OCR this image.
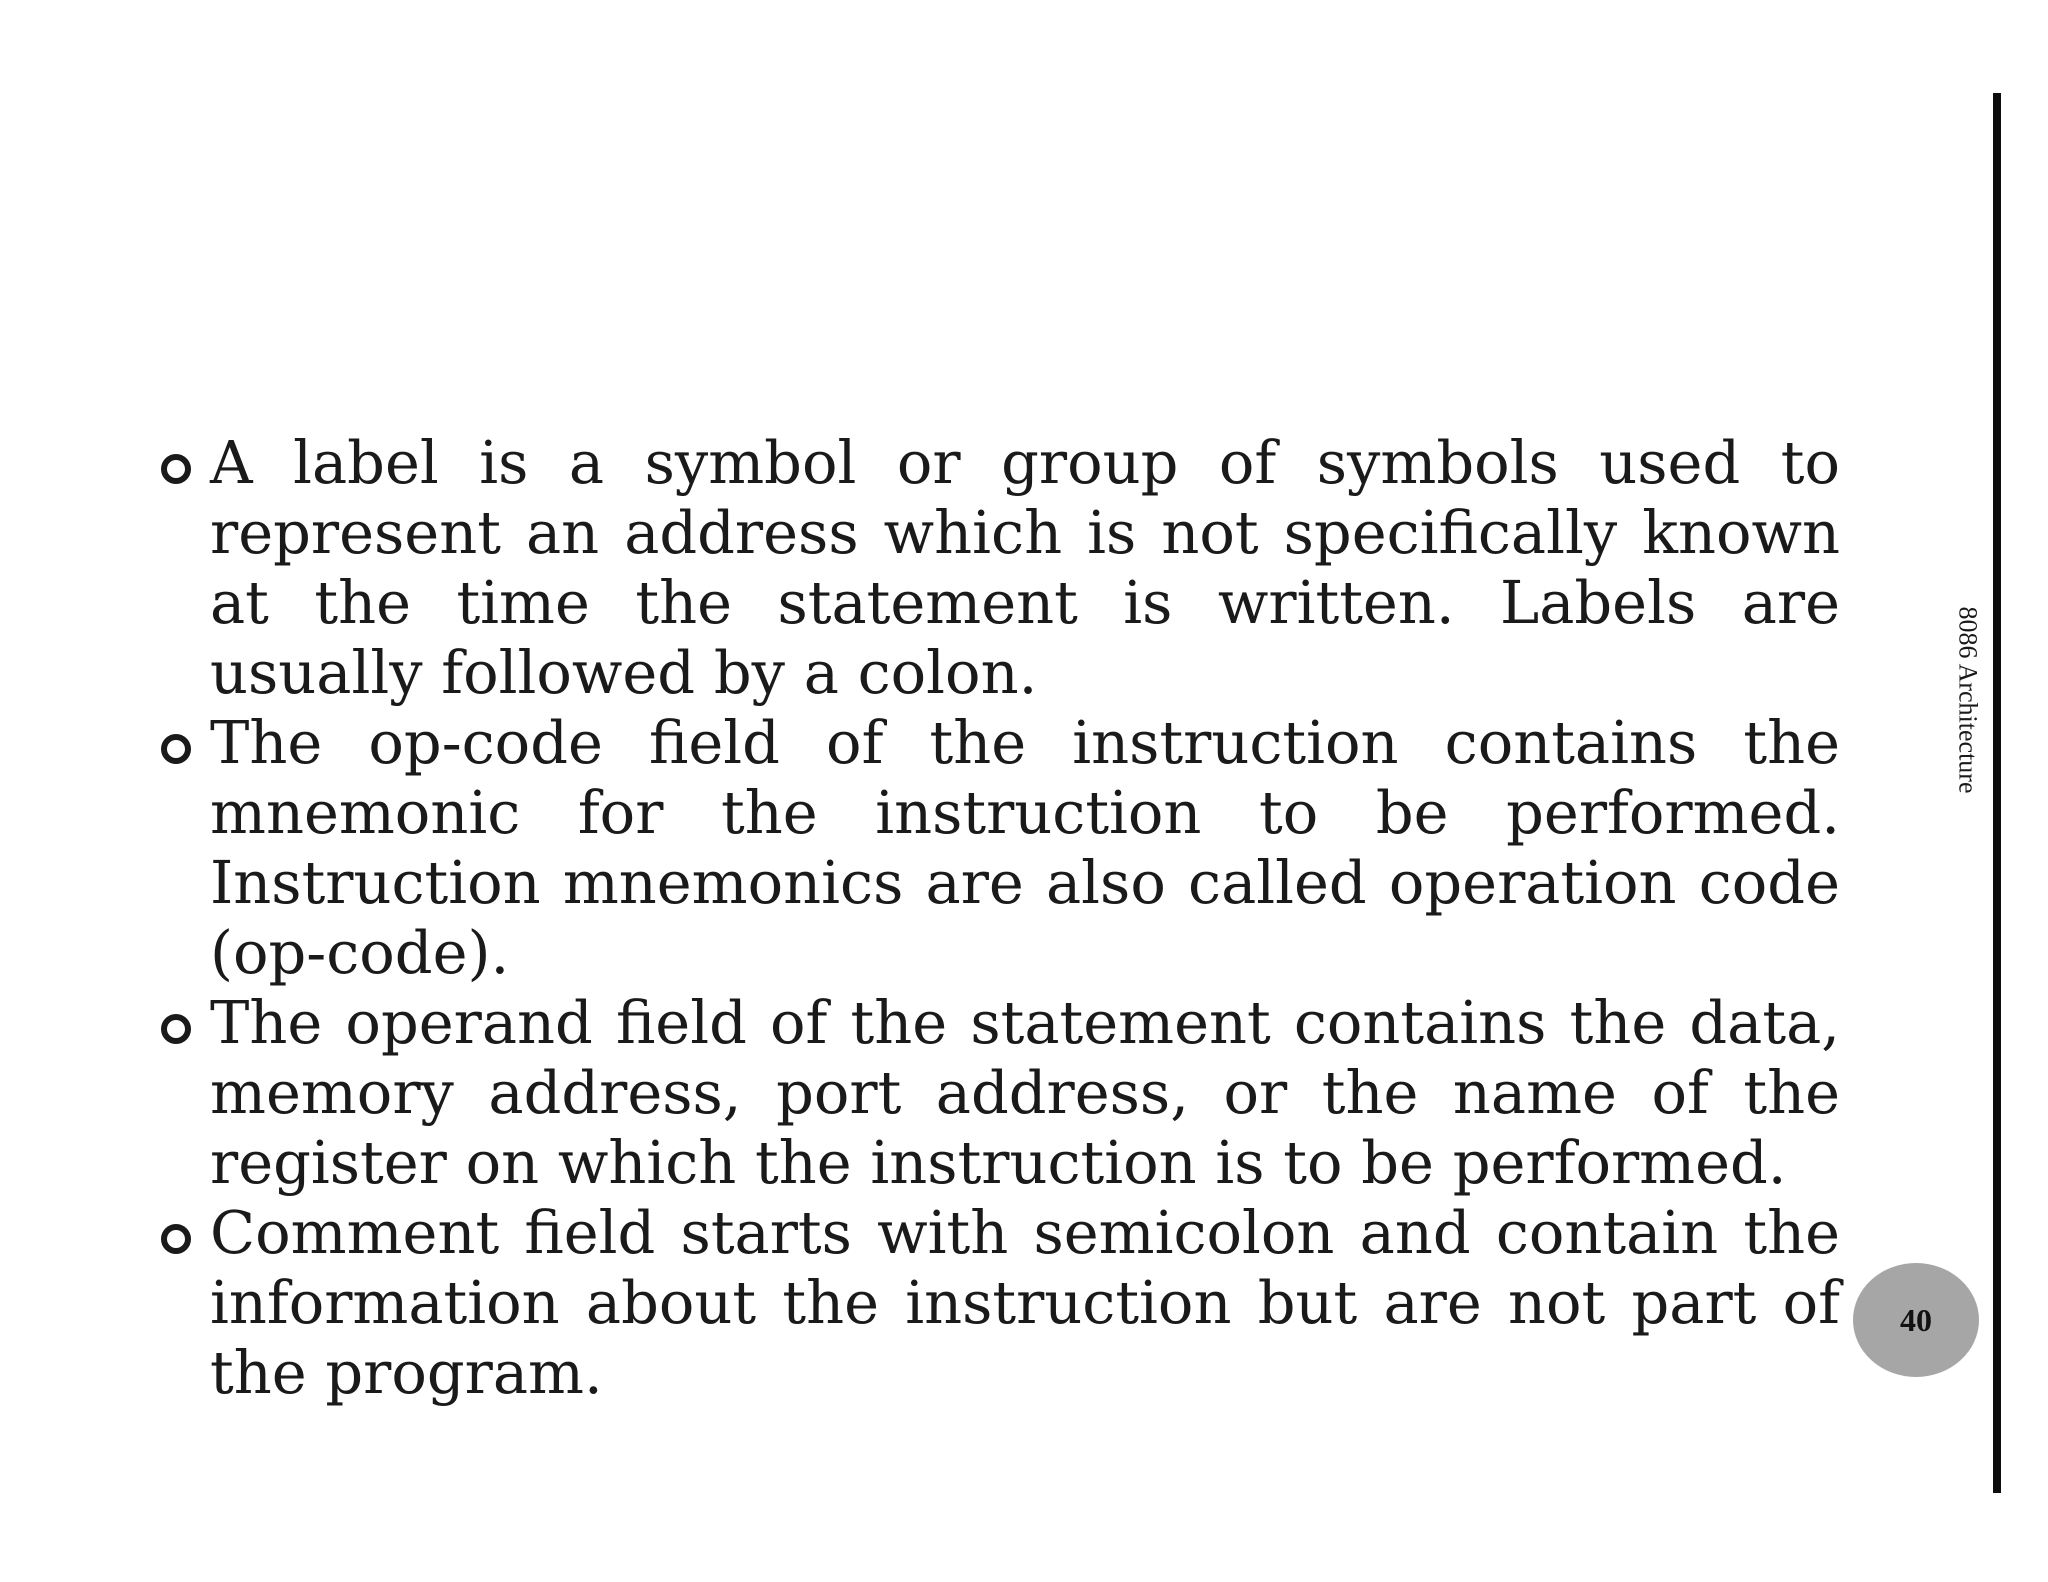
A label is a symbol or group of symbols used to represent an address which is not specifically known at the time the statement is written. Labels are usually followed by a colon.
The op-code field of the instruction contains the mnemonic for the instruction to be performed. Instruction mnemonics are also called operation code (op-code).
The operand field of the statement contains the data, memory address, port address, or the name of the register on which the instruction is to be performed.
Comment field starts with semicolon and contain the information about the instruction but are not part of the program.
8086 Architecture
40
